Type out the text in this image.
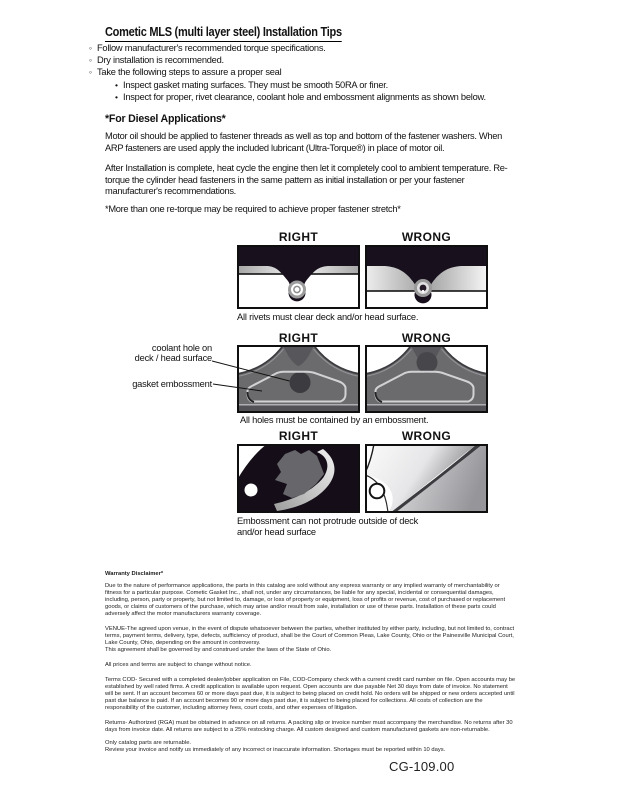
Cometic MLS (multi layer steel) Installation Tips
◦ Follow manufacturer's recommended torque specifications.
◦ Dry installation is recommended.
◦ Take the following steps to assure a proper seal
• Inspect gasket mating surfaces. They must be smooth 50RA or finer.
• Inspect for proper, rivet clearance, coolant hole and embossment alignments as shown below.
*For Diesel Applications*

Motor oil should be applied to fastener threads as well as top and bottom of the fastener washers. When ARP fasteners are used apply the included lubricant (Ultra-Torque®) in place of motor oil.

After Installation is complete, heat cycle the engine then let it completely cool to ambient temperature. Re-torque the cylinder head fasteners in the same pattern as initial installation or per your fastener manufacturer's recommendations.

*More than one re-torque may be required to achieve proper fastener stretch*

RIGHT	WRONG
All rivets must clear deck and/or head surface.
RIGHT	WRONG
coolant hole on
deck / head surface
gasket embossment
All holes must be contained by an embossment.
RIGHT	WRONG
Embossment can not protrude outside of deck
and/or head surface

Warranty Disclaimer*

Due to the nature of performance applications, the parts in this catalog are sold without any express warranty or any implied warranty of merchantability or fitness for a particular purpose. Cometic Gasket Inc., shall not, under any circumstances, be liable for any special, incidental or consequential damages, including, person, party or property, but not limited to, damage, or loss of property or equipment, loss of profits or revenue, cost of purchased or replacement goods, or claims of customers of the purchase, which may arise and/or result from sale, installation or use of these parts. Installation of these parts could adversely affect the motor manufacturers warranty coverage.

VENUE-The agreed upon venue, in the event of dispute whatsoever between the parties, whether instituted by either party, including, but not limited to, contract terms, payment terms, delivery, type, defects, sufficiency of product, shall be the Court of Common Pleas, Lake County, Ohio or the Painesville Municipal Court, Lake County, Ohio, depending on the amount in controversy.

This agreement shall be governed by and construed under the laws of the State of Ohio.

All prices and terms are subject to change without notice.

Terms COD- Secured with a completed dealer/jobber application on File, COD-Company check with a current credit card number on file. Open accounts may be established by well rated firms. A credit application is available upon request. Open accounts are due payable Net 30 days from date of invoice. No statement will be sent. If an account becomes 60 or more days past due, it is subject to being placed on credit hold. No orders will be shipped or new orders accepted until past due balance is paid. If an account becomes 90 or more days past due, it is subject to being placed for collections. All costs of collection are the responsibility of the customer, including attorney fees, court costs, and other expenses of litigation.

Returns- Authorized (RGA) must be obtained in advance on all returns. A packing slip or invoice number must accompany the merchandise. No returns after 30 days from invoice date. All returns are subject to a 25% restocking charge. All custom designed and custom manufactured gaskets are non-returnable.

Only catalog parts are returnable.

Review your invoice and notify us immediately of any incorrect or inaccurate information. Shortages must be reported within 10 days.

CG-109.00
